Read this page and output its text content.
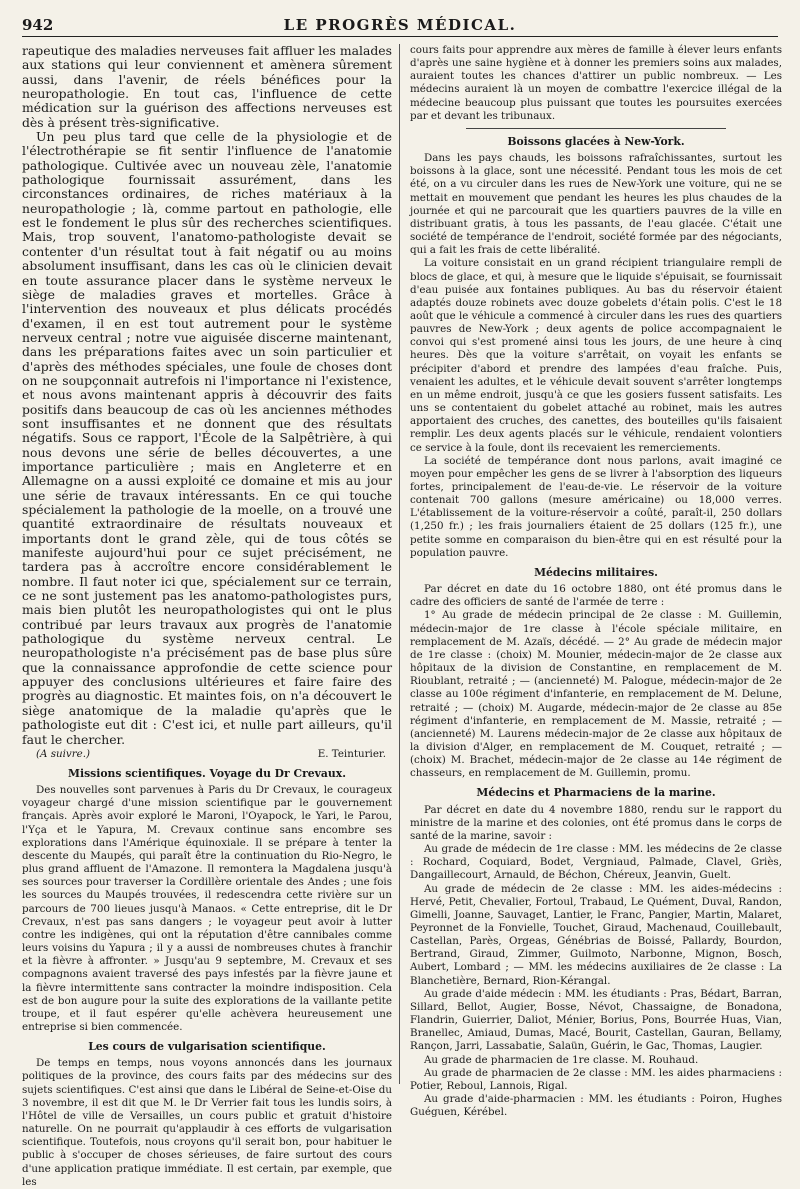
942	LE PROGRÈS MÉDICAL.

rapeutique des maladies nerveuses fait affluer les malades aux stations qui leur conviennent et amènera sûrement aussi, dans l'avenir, de réels bénéfices pour la neuropathologie. En tout cas, l'influence de cette médication sur la guérison des affections nerveuses est dès à présent très-significative.

Un peu plus tard que celle de la physiologie et de l'électrothérapie se fit sentir l'influence de l'anatomie pathologique. Cultivée avec un nouveau zèle, l'anatomie pathologique fournissait assurément, dans les circonstances ordinaires, de riches matériaux à la neuropathologie ; là, comme partout en pathologie, elle est le fondement le plus sûr des recherches scientifiques. Mais, trop souvent, l'anatomo-pathologiste devait se contenter d'un résultat tout à fait négatif ou au moins absolument insuffisant, dans les cas où le clinicien devait en toute assurance placer dans le système nerveux le siège de maladies graves et mortelles. Grâce à l'intervention des nouveaux et plus délicats procédés d'examen, il en est tout autrement pour le système nerveux central ; notre vue aiguisée discerne maintenant, dans les préparations faites avec un soin particulier et d'après des méthodes spéciales, une foule de choses dont on ne soupçonnait autrefois ni l'importance ni l'existence, et nous avons maintenant appris à découvrir des faits positifs dans beaucoup de cas où les anciennes méthodes sont insuffisantes et ne donnent que des résultats négatifs. Sous ce rapport, l'École de la Salpêtrière, à qui nous devons une série de belles découvertes, a une importance particulière ; mais en Angleterre et en Allemagne on a aussi exploité ce domaine et mis au jour une série de travaux intéressants. En ce qui touche spécialement la pathologie de la moelle, on a trouvé une quantité extraordinaire de résultats nouveaux et importants dont le grand zèle, qui de tous côtés se manifeste aujourd'hui pour ce sujet précisément, ne tardera pas à accroître encore considérablement le nombre. Il faut noter ici que, spécialement sur ce terrain, ce ne sont justement pas les anatomo-pathologistes purs, mais bien plutôt les neuropathologistes qui ont le plus contribué par leurs travaux aux progrès de l'anatomie pathologique du système nerveux central. Le neuropathologiste n'a précisément pas de base plus sûre que la connaissance approfondie de cette science pour appuyer des conclusions ultérieures et faire faire des progrès au diagnostic. Et maintes fois, on n'a découvert le siège anatomique de la maladie qu'après que le pathologiste eut dit : C'est ici, et nulle part ailleurs, qu'il faut le chercher.

(A suivre.)	E. Teinturier.
Missions scientifiques. Voyage du Dr Crevaux.

Des nouvelles sont parvenues à Paris du Dr Crevaux, le courageux voyageur chargé d'une mission scientifique par le gouvernement français. Après avoir exploré le Maroni, l'Oyapock, le Yari, le Parou, l'Yça et le Yapura, M. Crevaux continue sans encombre ses explorations dans l'Amérique équinoxiale. Il se prépare à tenter la descente du Maupés, qui paraît être la continuation du Rio-Negro, le plus grand affluent de l'Amazone. Il remontera la Magdalena jusqu'à ses sources pour traverser la Cordillère orientale des Andes ; une fois les sources du Maupés trouvées, il redescendra cette rivière sur un parcours de 700 lieues jusqu'à Manaos. « Cette entreprise, dit le Dr Crevaux, n'est pas sans dangers ; le voyageur peut avoir à lutter contre les indigènes, qui ont la réputation d'être cannibales comme leurs voisins du Yapura ; il y a aussi de nombreuses chutes à franchir et la fièvre à affronter. » Jusqu'au 9 septembre, M. Crevaux et ses compagnons avaient traversé des pays infestés par la fièvre jaune et la fièvre intermittente sans contracter la moindre indisposition. Cela est de bon augure pour la suite des explorations de la vaillante petite troupe, et il faut espérer qu'elle achèvera heureusement une entreprise si bien commencée.

Les cours de vulgarisation scientifique.

De temps en temps, nous voyons annoncés dans les journaux politiques de la province, des cours faits par des médecins sur des sujets scientifiques. C'est ainsi que dans le Libéral de Seine-et-Oise du 3 novembre, il est dit que M. le Dr Verrier fait tous les lundis soirs, à l'Hôtel de ville de Versailles, un cours public et gratuit d'histoire naturelle. On ne pourrait qu'applaudir à ces efforts de vulgarisation scientifique. Toutefois, nous croyons qu'il serait bon, pour habituer le public à s'occuper de choses sérieuses, de faire surtout des cours d'une application pratique immédiate. Il est certain, par exemple, que les

cours faits pour apprendre aux mères de famille à élever leurs enfants d'après une saine hygiène et à donner les premiers soins aux malades, auraient toutes les chances d'attirer un public nombreux. — Les médecins auraient là un moyen de combattre l'exercice illégal de la médecine beaucoup plus puissant que toutes les poursuites exercées par et devant les tribunaux.

Boissons glacées à New-York.

Dans les pays chauds, les boissons rafraîchissantes, surtout les boissons à la glace, sont une nécessité. Pendant tous les mois de cet été, on a vu circuler dans les rues de New-York une voiture, qui ne se mettait en mouvement que pendant les heures les plus chaudes de la journée et qui ne parcourait que les quartiers pauvres de la ville en distribuant gratis, à tous les passants, de l'eau glacée. C'était une société de tempérance de l'endroit, société formée par des négociants, qui a fait les frais de cette libéralité.

La voiture consistait en un grand récipient triangulaire rempli de blocs de glace, et qui, à mesure que le liquide s'épuisait, se fournissait d'eau puisée aux fontaines publiques. Au bas du réservoir étaient adaptés douze robinets avec douze gobelets d'étain polis. C'est le 18 août que le véhicule a commencé à circuler dans les rues des quartiers pauvres de New-York ; deux agents de police accompagnaient le convoi qui s'est promené ainsi tous les jours, de une heure à cinq heures. Dès que la voiture s'arrêtait, on voyait les enfants se précipiter d'abord et prendre des lampées d'eau fraîche. Puis, venaient les adultes, et le véhicule devait souvent s'arrêter longtemps en un même endroit, jusqu'à ce que les gosiers fussent satisfaits. Les uns se contentaient du gobelet attaché au robinet, mais les autres apportaient des cruches, des canettes, des bouteilles qu'ils faisaient remplir. Les deux agents placés sur le véhicule, rendaient volontiers ce service à la foule, dont ils recevaient les remerciements.

La société de tempérance dont nous parlons, avait imaginé ce moyen pour empêcher les gens de se livrer à l'absorption des liqueurs fortes, principalement de l'eau-de-vie. Le réservoir de la voiture contenait 700 gallons (mesure américaine) ou 18,000 verres. L'établissement de la voiture-réservoir a coûté, paraît-il, 250 dollars (1,250 fr.) ; les frais journaliers étaient de 25 dollars (125 fr.), une petite somme en comparaison du bien-être qui en est résulté pour la population pauvre.

Médecins militaires.

Par décret en date du 16 octobre 1880, ont été promus dans le cadre des officiers de santé de l'armée de terre :

1° Au grade de médecin principal de 2e classe : M. Guillemin, médecin-major de 1re classe à l'école spéciale militaire, en remplacement de M. Azaïs, décédé. — 2° Au grade de médecin major de 1re classe : (choix) M. Mounier, médecin-major de 2e classe aux hôpitaux de la division de Constantine, en remplacement de M. Rioublant, retraité ; — (ancienneté) M. Palogue, médecin-major de 2e classe au 100e régiment d'infanterie, en remplacement de M. Delune, retraité ; — (choix) M. Augarde, médecin-major de 2e classe au 85e régiment d'infanterie, en remplacement de M. Massie, retraité ; — (ancienneté) M. Laurens médecin-major de 2e classe aux hôpitaux de la division d'Alger, en remplacement de M. Couquet, retraité ; — (choix) M. Brachet, médecin-major de 2e classe au 14e régiment de chasseurs, en remplacement de M. Guillemin, promu.

Médecins et Pharmaciens de la marine.

Par décret en date du 4 novembre 1880, rendu sur le rapport du ministre de la marine et des colonies, ont été promus dans le corps de santé de la marine, savoir :

Au grade de médecin de 1re classe : MM. les médecins de 2e classe : Rochard, Coquiard, Bodet, Vergniaud, Palmade, Clavel, Griès, Dangaillecourt, Arnauld, de Béchon, Chéreux, Jeanvin, Guelt.

Au grade de médecin de 2e classe : MM. les aides-médecins : Hervé, Petit, Chevalier, Fortoul, Trabaud, Le Quément, Duval, Randon, Gimelli, Joanne, Sauvaget, Lantier, le Franc, Pangier, Martin, Malaret, Peyronnet de la Fonvielle, Touchet, Giraud, Machenaud, Couillebault, Castellan, Parès, Orgeas, Génébrias de Boissé, Pallardy, Bourdon, Bertrand, Giraud, Zimmer, Guilmoto, Narbonne, Mignon, Bosch, Aubert, Lombard ; — MM. les médecins auxiliaires de 2e classe : La Blanchetière, Bernard, Rion-Kérangal.

Au grade d'aide médecin : MM. les étudiants : Pras, Bédart, Barran, Sillard, Bellot, Augier, Bosse, Névot, Chassaigne, de Bonadona, Flandrin, Guierrier, Daliot, Ménier, Borius, Pons, Bourrée Huas, Vian, Branellec, Amiaud, Dumas, Macé, Bourit, Castellan, Gauran, Bellamy, Rançon, Jarri, Lassabatie, Salaün, Guérin, le Gac, Thomas, Laugier.

Au grade de pharmacien de 1re classe. M. Rouhaud.

Au grade de pharmacien de 2e classe : MM. les aides pharmaciens : Potier, Reboul, Lannois, Rigal.

Au grade d'aide-pharmacien : MM. les étudiants : Poiron, Hughes Guéguen, Kérébel.
